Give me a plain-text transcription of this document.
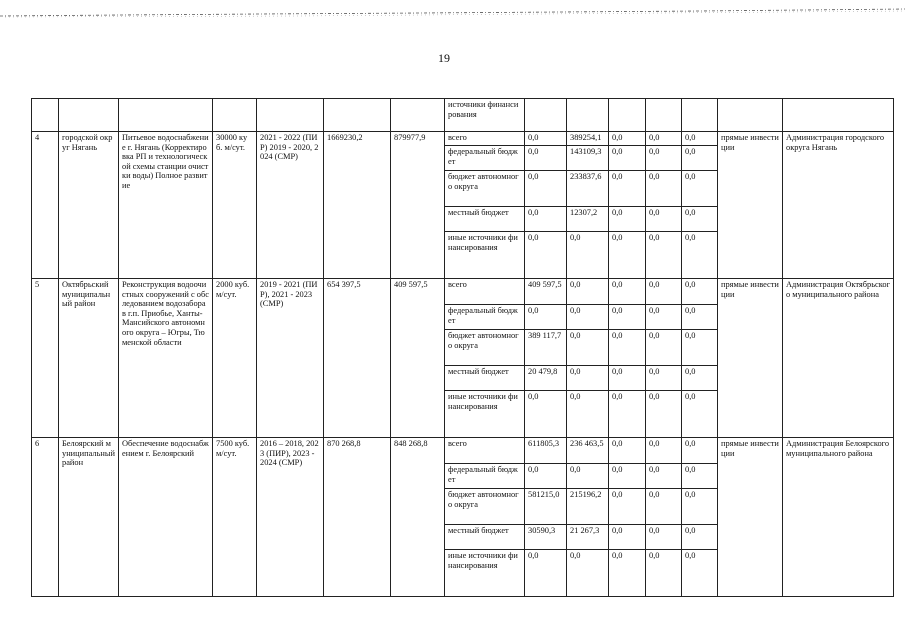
19
							источники финансирования							
4	городской округ Нягань	Питьевое водоснабжение г. Нягань (Корректировка РП и технологической схемы станции очистки воды) Полное развитие	30000 куб. м/сут.	2021 - 2022 (ПИР) 2019 - 2020, 2024 (СМР)	1669230,2	879977,9	всего	0,0	389254,1	0,0	0,0	0,0	прямые инвестиции	Администрация городского округа Нягань
							федеральный бюджет	0,0	143109,3	0,0	0,0	0,0		
							бюджет автономного округа	0,0	233837,6	0,0	0,0	0,0		
							местный бюджет	0,0	12307,2	0,0	0,0	0,0		
							иные источники финансирования	0,0	0,0	0,0	0,0	0,0		
5	Октябрьский муниципальный район	Реконструкция водоочистных сооружений с обследованием водозабора в г.п. Приобье, Ханты-Мансийского автономного округа – Югры, Тюменской области	2000 куб. м/сут.	2019 - 2021 (ПИР), 2021 - 2023 (СМР)	654 397,5	409 597,5	всего	409 597,5	0,0	0,0	0,0	0,0	прямые инвестиции	Администрация Октябрьского муниципального района
							федеральный бюджет	0,0	0,0	0,0	0,0	0,0		
							бюджет автономного округа	389 117,7	0,0	0,0	0,0	0,0		
							местный бюджет	20 479,8	0,0	0,0	0,0	0,0		
							иные источники финансирования	0,0	0,0	0,0	0,0	0,0		
6	Белоярский муниципальный район	Обеспечение водоснабжением г. Белоярский	7500 куб. м/сут.	2016 – 2018, 2023 (ПИР), 2023 - 2024 (СМР)	870 268,8	848 268,8	всего	611805,3	236 463,5	0,0	0,0	0,0	прямые инвестиции	Администрация Белоярского муниципального района
							федеральный бюджет	0,0	0,0	0,0	0,0	0,0		
							бюджет автономного округа	581215,0	215196,2	0,0	0,0	0,0		
							местный бюджет	30590,3	21 267,3	0,0	0,0	0,0		
							иные источники финансирования	0,0	0,0	0,0	0,0	0,0		
